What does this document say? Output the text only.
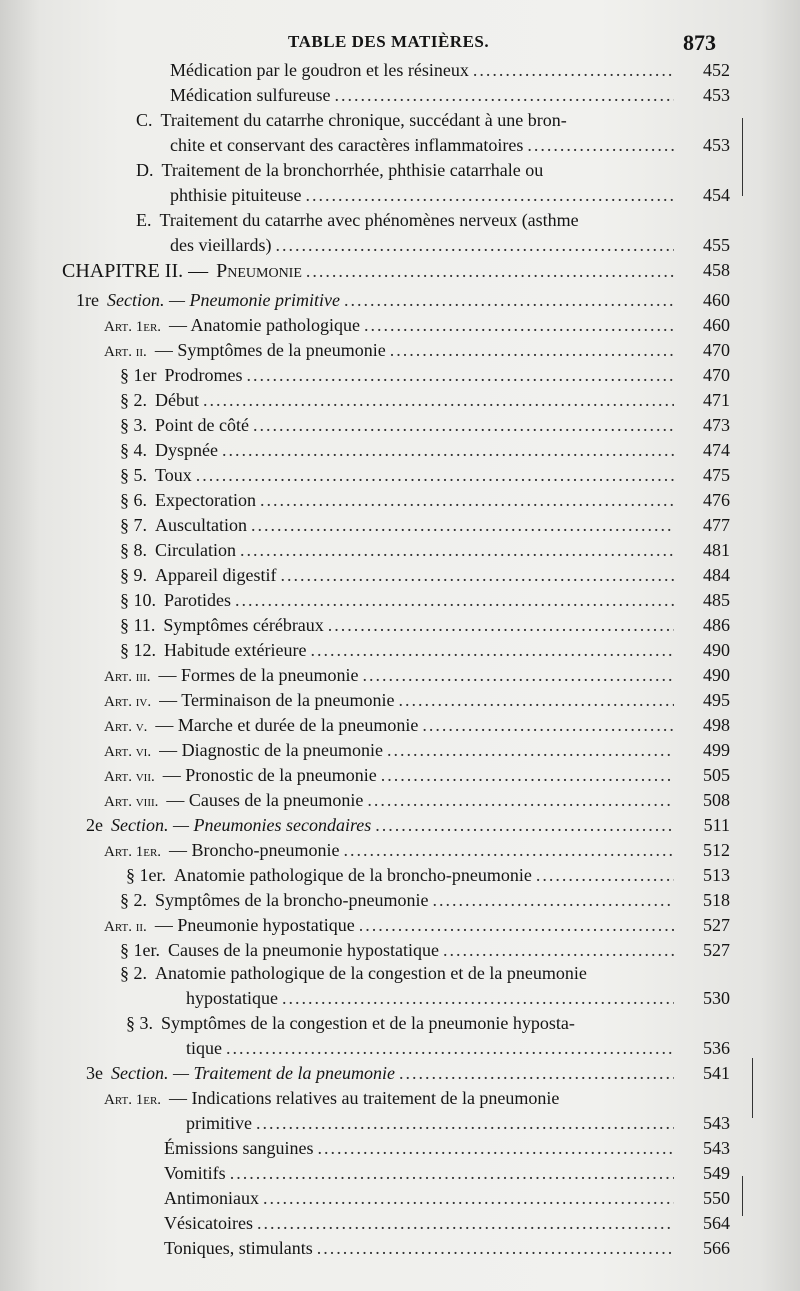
TABLE DES MATIÈRES.	873
Médication par le goudron et les résineux .....	452
Médication sulfureuse .....	453
C. Traitement du catarrhe chronique, succédant à une bron-
chite et conservant des caractères inflammatoires .....	453
D. Traitement de la bronchorrhée, phthisie catarrhale ou
phthisie pituiteuse .....	454
E. Traitement du catarrhe avec phénomènes nerveux (asthme
des vieillards) .....	455
CHAPITRE II. — Pneumonie .....	458
1re Section. — Pneumonie primitive .....	460
Art. 1er. — Anatomie pathologique .....	460
Art. ii. — Symptômes de la pneumonie .....	470
§ 1er Prodromes .....	470
§ 2. Début .....	471
§ 3. Point de côté .....	473
§ 4. Dyspnée .....	474
§ 5. Toux .....	475
§ 6. Expectoration .....	476
§ 7. Auscultation .....	477
§ 8. Circulation .....	481
§ 9. Appareil digestif .....	484
§ 10. Parotides .....	485
§ 11. Symptômes cérébraux .....	486
§ 12. Habitude extérieure .....	490
Art. iii. — Formes de la pneumonie .....	490
Art. iv. — Terminaison de la pneumonie .....	495
Art. v. — Marche et durée de la pneumonie .....	498
Art. vi. — Diagnostic de la pneumonie .....	499
Art. vii. — Pronostic de la pneumonie .....	505
Art. viii. — Causes de la pneumonie .....	508
2e Section. — Pneumonies secondaires .....	511
Art. 1er. — Broncho-pneumonie .....	512
§ 1er. Anatomie pathologique de la broncho-pneumonie .....	513
§ 2. Symptômes de la broncho-pneumonie .....	518
Art. ii. — Pneumonie hypostatique .....	527
§ 1er. Causes de la pneumonie hypostatique .....	527
§ 2. Anatomie pathologique de la congestion et de la pneumonie
hypostatique .....	530
§ 3. Symptômes de la congestion et de la pneumonie hyposta-
tique .....	536
3e Section. — Traitement de la pneumonie .....	541
Art. 1er. — Indications relatives au traitement de la pneumonie
primitive .....	543
Émissions sanguines .....	543
Vomitifs .....	549
Antimoniaux .....	550
Vésicatoires .....	564
Toniques, stimulants .....	566
